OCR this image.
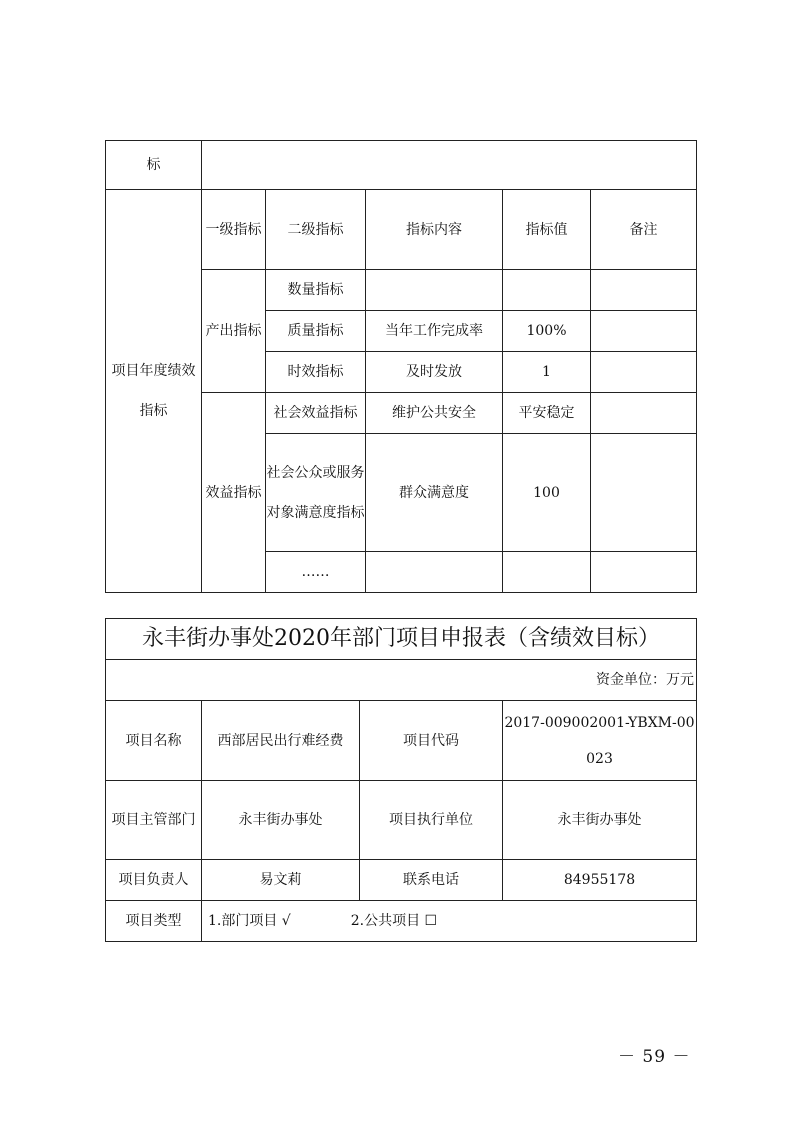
标					
项目年度绩效指标	一级指标	二级指标	指标内容	指标值	备注
	产出指标	数量指标			
		质量指标	当年工作完成率	100%	
		时效指标	及时发放	1	
	效益指标	社会效益指标	维护公共安全	平安稳定	
		社会公众或服务对象满意度指标	群众满意度	100	
		……			
永丰街办事处2020年部门项目申报表（含绩效目标）			
资金单位：万元			
项目名称	西部居民出行难经费	项目代码	2017-009002001-YBXM-00023
项目主管部门	永丰街办事处	项目执行单位	永丰街办事处
项目负责人	易文莉	联系电话	84955178
项目类型	1.部门项目 √ 2.公共项目 ☐		
－ 59 －
